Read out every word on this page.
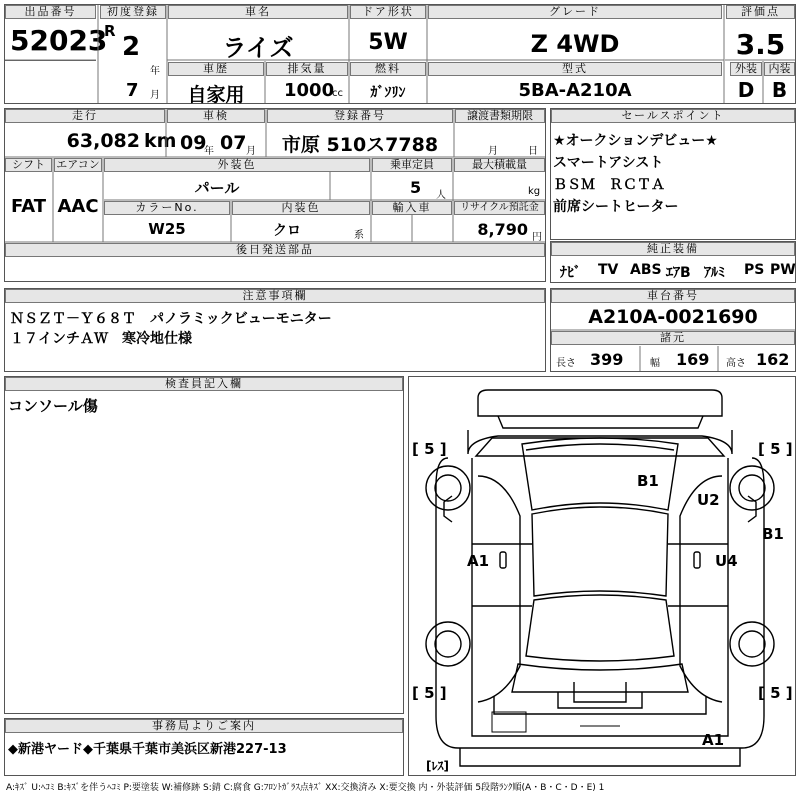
出品番号
52023
初度登録
R
2
年
7 月
車名
ライズ
ドア形状
5W
グレード
Z 4WD
評価点
3.5
外装	内装
D B
車歴
自家用
排気量
1000
cc
燃料
ｶﾞｿﾘﾝ
型式
5BA-A210A
走行
63,082 km
車検
09
年 07 月
登録番号
市原 510ス7788
譲渡書類期限
月	日
シフト
FAT
エアコン
AAC
外装色
パール
乗車定員
5 人
最大積載量
kg
カラーNo.
W25
内装色
クロ	系
輸入車	リサイクル預託金
8,790 円
後日発送部品
セールスポイント
★オークションデビュー★
スマートアシスト
ＢＳＭ　ＲＣＴＡ
前席シートヒーター
純正装備
ﾅﾋﾞ TV ABS ｴｱB ｱﾙﾐ PS PW
注意事項欄
ＮＳＺＴ－Ｙ６８Ｔ　パノラミックビューモニター
１７インチＡＷ　寒冷地仕様
車台番号
A210A-0021690
諸元
長さ 399	幅 169 高さ 162
検査員記入欄
コンソール傷
[ 5 ]	[ 5 ]
[ 5 ]	[ 5 ]
B1
U2
B1
A1	U4
A1
[ﾚｽ]
事務局よりご案内
◆新港ヤード◆千葉県千葉市美浜区新港227-13
A:ｷｽﾞ U:ﾍｺﾐ B:ｷｽﾞを伴うﾍｺﾐ P:要塗装 W:補修跡 S:錆 C:腐食 G:ﾌﾛﾝﾄｶﾞﾗｽ点ｷｽﾞ XX:交換済み X:要交換 内・外装評価 5段階ﾗﾝｸ順(A・B・C・D・E) 1
